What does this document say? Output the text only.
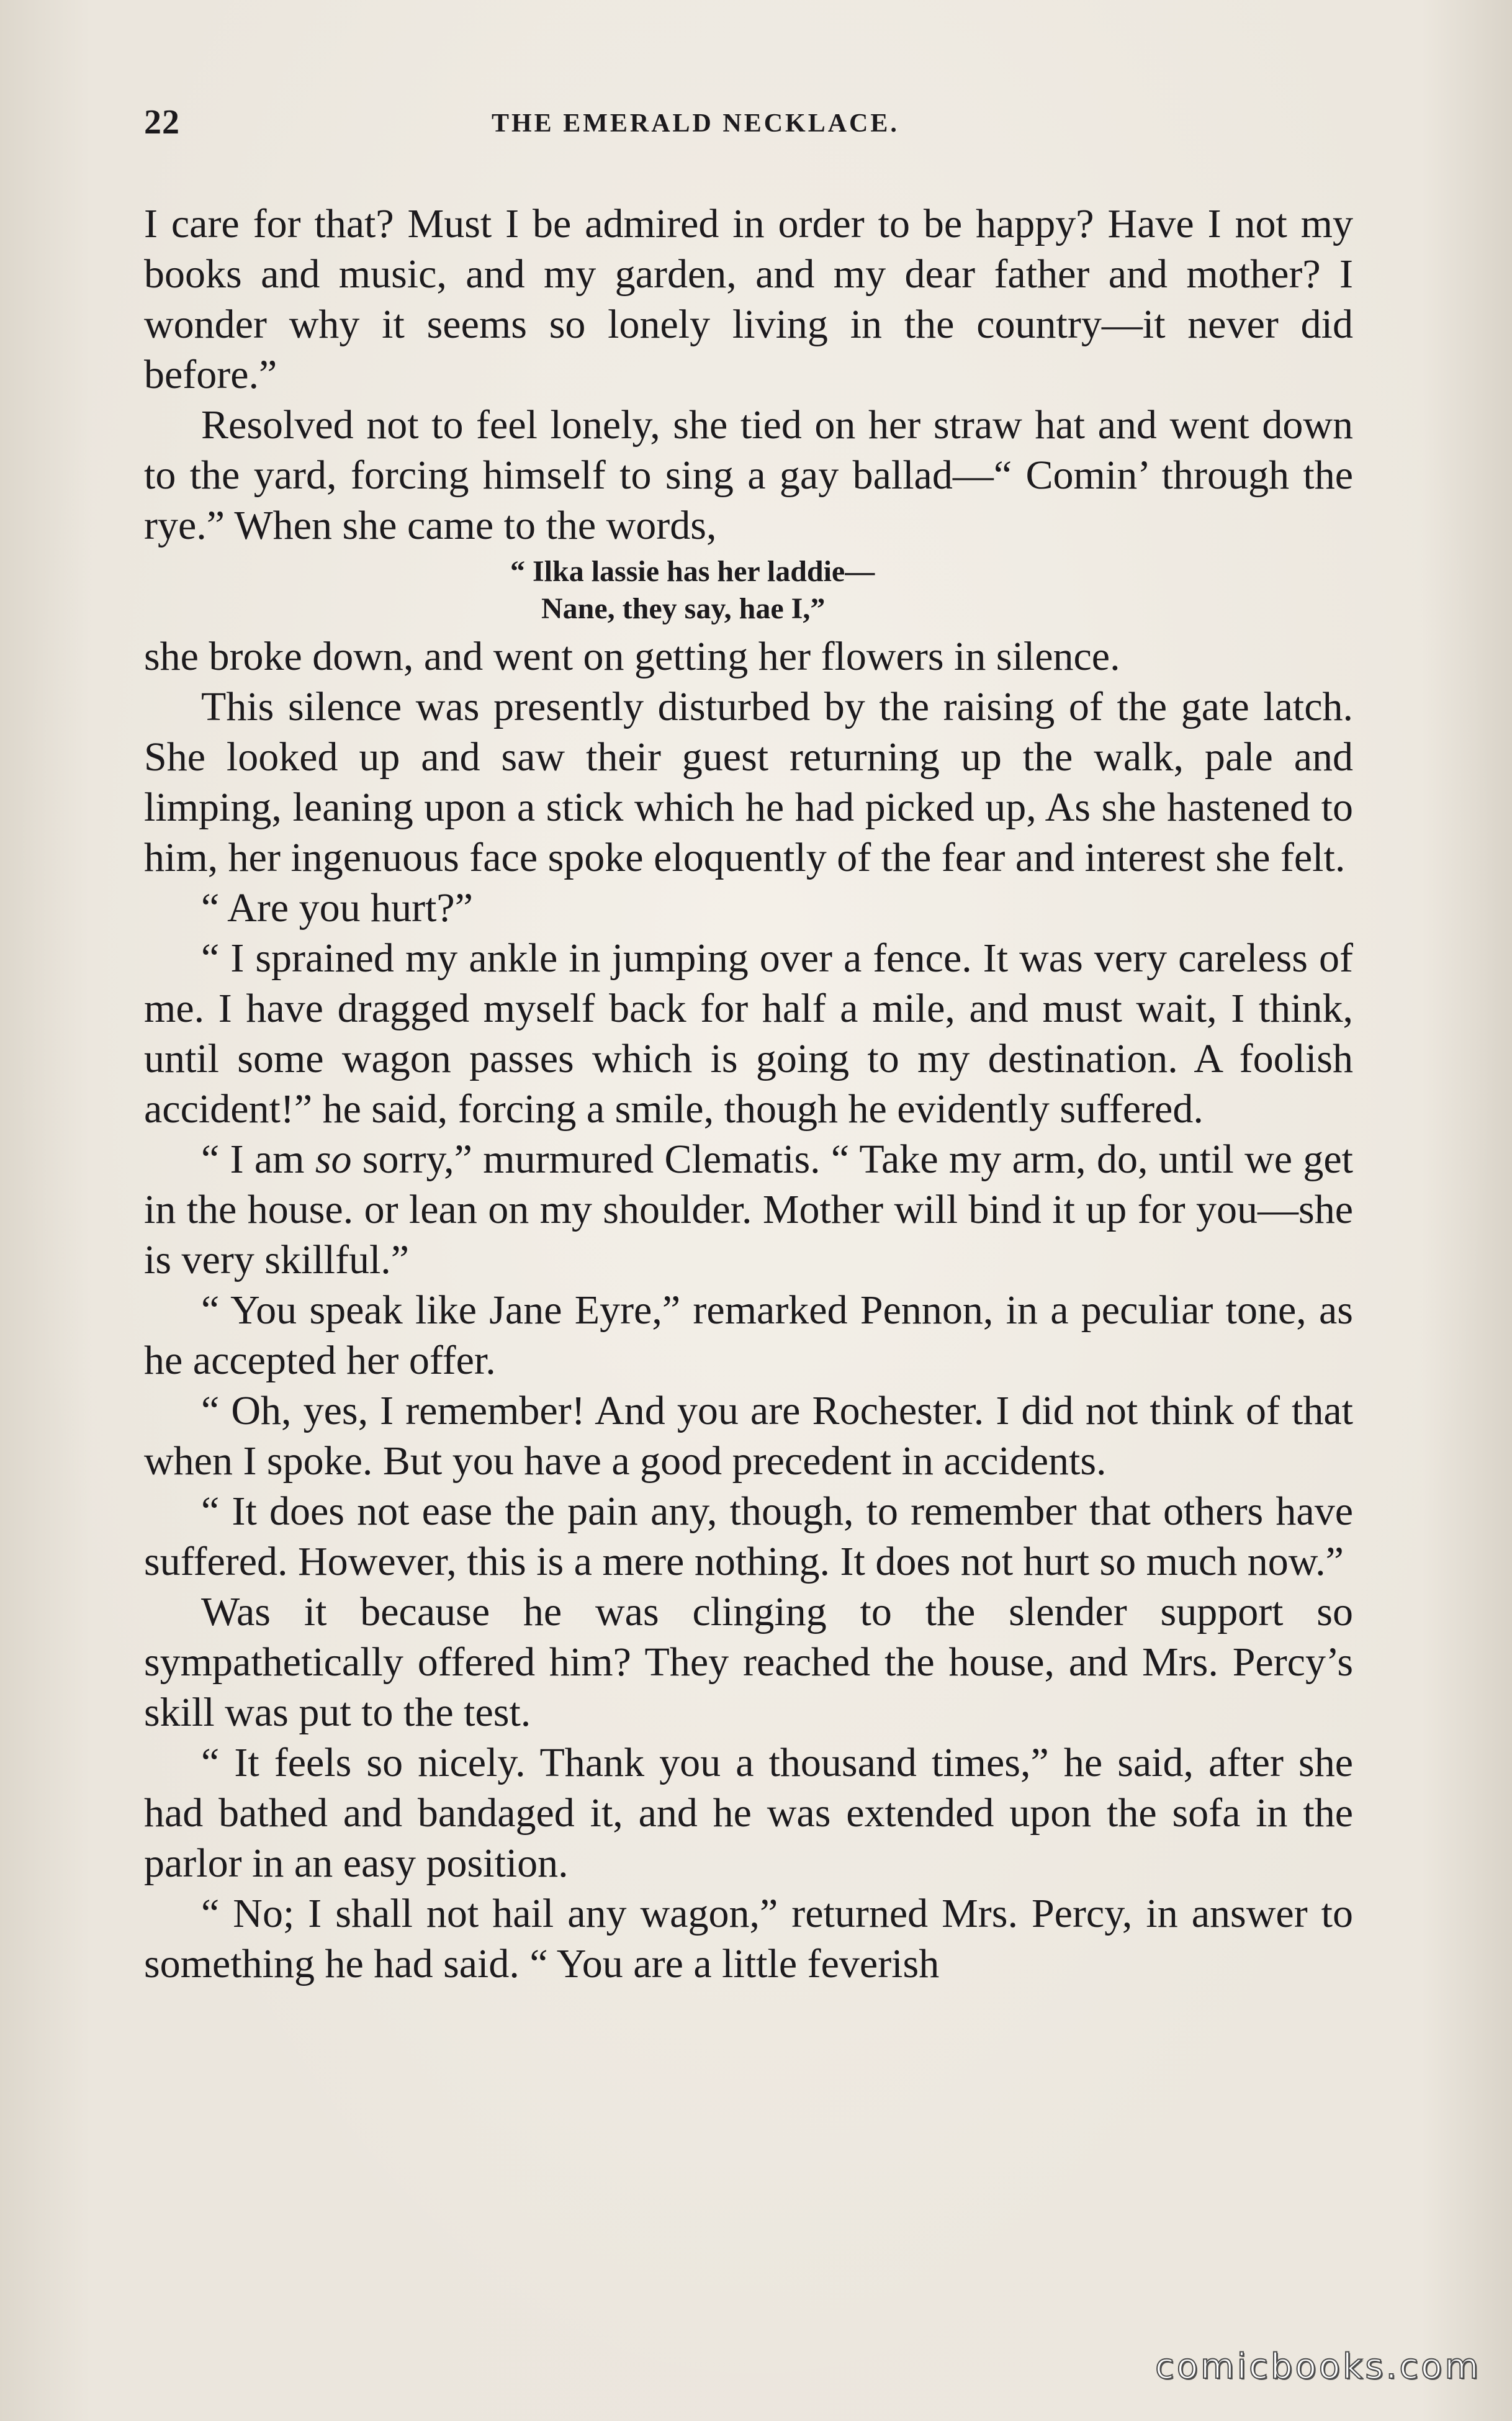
22	THE EMERALD NECKLACE.

I care for that? Must I be admired in order to be happy? Have I not my books and music, and my garden, and my dear father and mother? I wonder why it seems so lonely living in the country—it never did before.”

Resolved not to feel lonely, she tied on her straw hat and went down to the yard, forcing himself to sing a gay ballad—“ Comin’ through the rye.” When she came to the words,

“ Ilka lassie has her laddie—
Nane, they say, hae I,”

she broke down, and went on getting her flowers in silence.

This silence was presently disturbed by the raising of the gate latch. She looked up and saw their guest returning up the walk, pale and limping, leaning upon a stick which he had picked up, As she hastened to him, her ingenuous face spoke eloquently of the fear and interest she felt.

“ Are you hurt?”

“ I sprained my ankle in jumping over a fence. It was very careless of me. I have dragged myself back for half a mile, and must wait, I think, until some wagon passes which is going to my destination. A foolish accident!” he said, forcing a smile, though he evidently suffered.

“ I am so sorry,” murmured Clematis. “ Take my arm, do, until we get in the house. or lean on my shoulder. Mother will bind it up for you—she is very skillful.”

“ You speak like Jane Eyre,” remarked Pennon, in a peculiar tone, as he accepted her offer.

“ Oh, yes, I remember! And you are Rochester. I did not think of that when I spoke. But you have a good precedent in accidents.

“ It does not ease the pain any, though, to remember that others have suffered. However, this is a mere nothing. It does not hurt so much now.”

Was it because he was clinging to the slender support so sympathetically offered him? They reached the house, and Mrs. Percy’s skill was put to the test.

“ It feels so nicely. Thank you a thousand times,” he said, after she had bathed and bandaged it, and he was extended upon the sofa in the parlor in an easy position.

“ No; I shall not hail any wagon,” returned Mrs. Percy, in answer to something he had said. “ You are a little feverish

comicbooks.com
